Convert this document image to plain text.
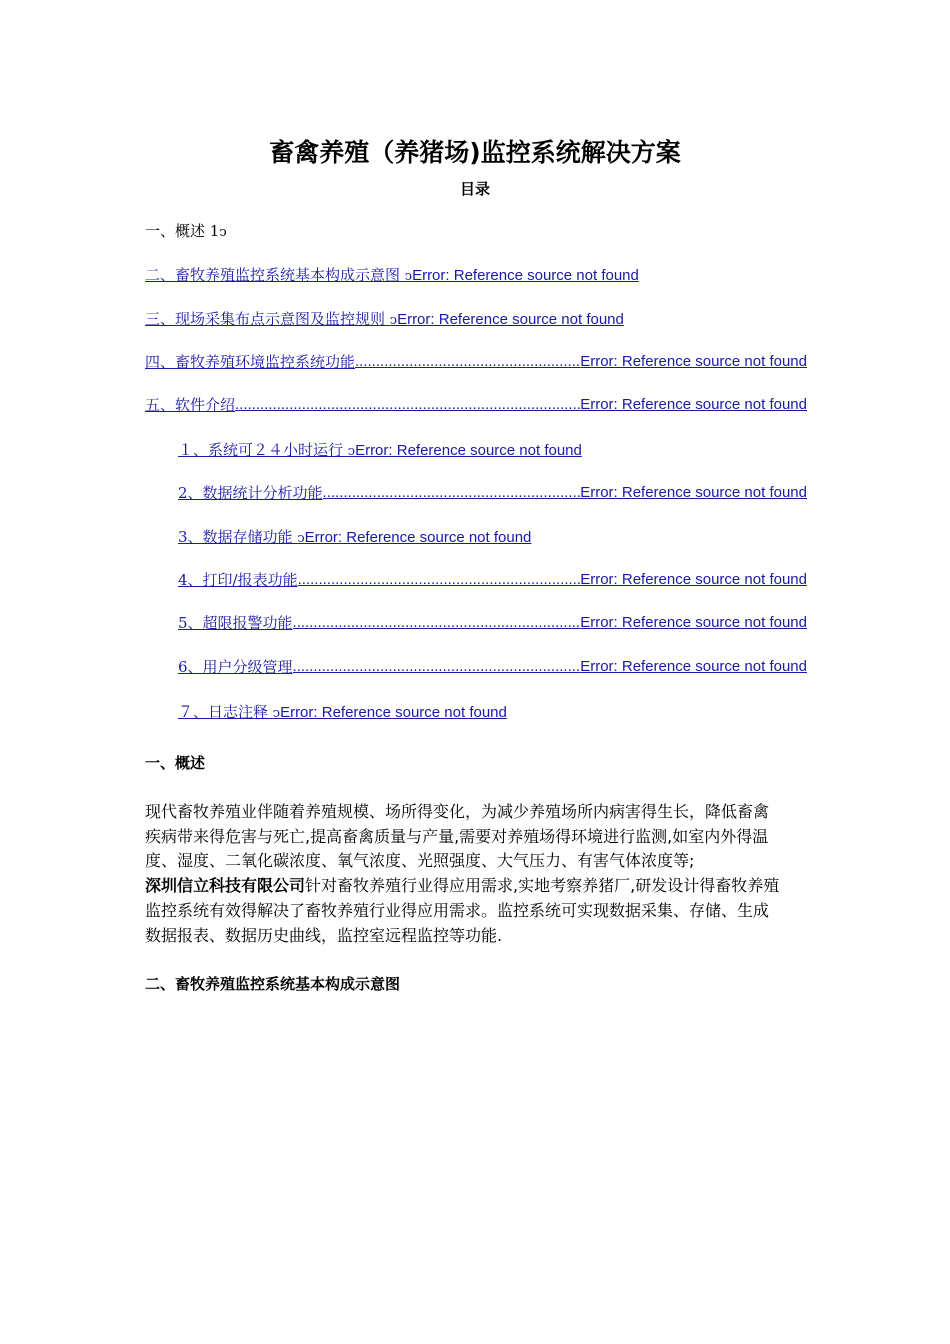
畜禽养殖（养猪场)监控系统解决方案
目录
一、概述 1ↄ
二、畜牧养殖监控系统基本构成示意图 ↄError: Reference source not found
三、现场采集布点示意图及监控规则 ↄError: Reference source not found
四、畜牧养殖环境监控系统功能 .....	Error: Reference source not found
五、软件介绍 .....	Error: Reference source not found
１、系统可２４小时运行 ↄError: Reference source not found
2、数据统计分析功能 .....	Error: Reference source not found
3、数据存储功能 ↄError: Reference source not found
4、打印/报表功能 .....	Error: Reference source not found
5、超限报警功能 .....	Error: Reference source not found
6、用户分级管理 .....	Error: Reference source not found
７、日志注释 ↄError: Reference source not found
一、概述
现代畜牧养殖业伴随着养殖规模、场所得变化，为减少养殖场所内病害得生长，降低畜禽
疾病带来得危害与死亡,提高畜禽质量与产量,需要对养殖场得环境进行监测,如室内外得温
度、湿度、二氧化碳浓度、氧气浓度、光照强度、大气压力、有害气体浓度等;
深圳信立科技有限公司针对畜牧养殖行业得应用需求,实地考察养猪厂,研发设计得畜牧养殖
监控系统有效得解决了畜牧养殖行业得应用需求。监控系统可实现数据采集、存储、生成
数据报表、数据历史曲线，监控室远程监控等功能.
二、畜牧养殖监控系统基本构成示意图
